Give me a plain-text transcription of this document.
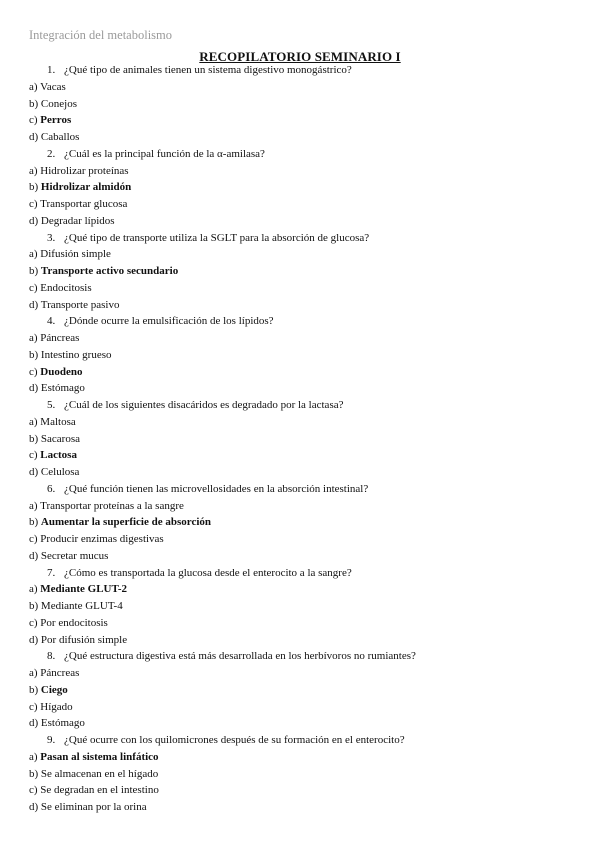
Integración del metabolismo
RECOPILATORIO SEMINARIO I
1. ¿Qué tipo de animales tienen un sistema digestivo monogástrico?
a) Vacas
b) Conejos
c) Perros
d) Caballos
2. ¿Cuál es la principal función de la α-amilasa?
a) Hidrolizar proteínas
b) Hidrolizar almidón
c) Transportar glucosa
d) Degradar lípidos
3. ¿Qué tipo de transporte utiliza la SGLT para la absorción de glucosa?
a) Difusión simple
b) Transporte activo secundario
c) Endocitosis
d) Transporte pasivo
4. ¿Dónde ocurre la emulsificación de los lípidos?
a) Páncreas
b) Intestino grueso
c) Duodeno
d) Estómago
5. ¿Cuál de los siguientes disacáridos es degradado por la lactasa?
a) Maltosa
b) Sacarosa
c) Lactosa
d) Celulosa
6. ¿Qué función tienen las microvellosidades en la absorción intestinal?
a) Transportar proteínas a la sangre
b) Aumentar la superficie de absorción
c) Producir enzimas digestivas
d) Secretar mucus
7. ¿Cómo es transportada la glucosa desde el enterocito a la sangre?
a) Mediante GLUT-2
b) Mediante GLUT-4
c) Por endocitosis
d) Por difusión simple
8. ¿Qué estructura digestiva está más desarrollada en los herbívoros no rumiantes?
a) Páncreas
b) Ciego
c) Hígado
d) Estómago
9. ¿Qué ocurre con los quilomicrones después de su formación en el enterocito?
a) Pasan al sistema linfático
b) Se almacenan en el hígado
c) Se degradan en el intestino
d) Se eliminan por la orina
